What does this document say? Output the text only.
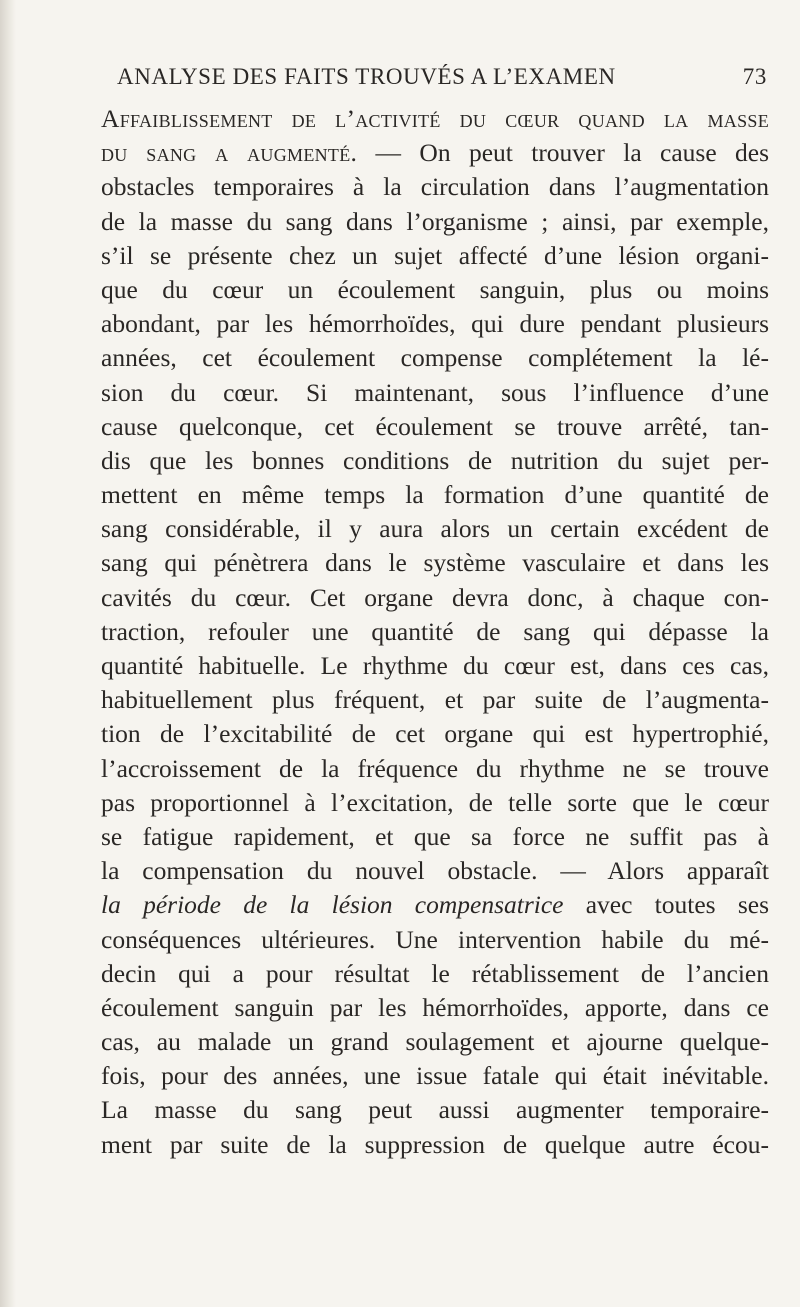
ANALYSE DES FAITS TROUVÉS A L’EXAMEN	73
Affaiblissement de l’activité du cœur quand la masse
du sang a augmenté. — On peut trouver la cause des
obstacles temporaires à la circulation dans l’augmentation
de la masse du sang dans l’organisme ; ainsi, par exemple,
s’il se présente chez un sujet affecté d’une lésion organi-
que du cœur un écoulement sanguin, plus ou moins
abondant, par les hémorrhoïdes, qui dure pendant plusieurs
années, cet écoulement compense complétement la lé-
sion du cœur. Si maintenant, sous l’influence d’une
cause quelconque, cet écoulement se trouve arrêté, tan-
dis que les bonnes conditions de nutrition du sujet per-
mettent en même temps la formation d’une quantité de
sang considérable, il y aura alors un certain excédent de
sang qui pénètrera dans le système vasculaire et dans les
cavités du cœur. Cet organe devra donc, à chaque con-
traction, refouler une quantité de sang qui dépasse la
quantité habituelle. Le rhythme du cœur est, dans ces cas,
habituellement plus fréquent, et par suite de l’augmenta-
tion de l’excitabilité de cet organe qui est hypertrophié,
l’accroissement de la fréquence du rhythme ne se trouve
pas proportionnel à l’excitation, de telle sorte que le cœur
se fatigue rapidement, et que sa force ne suffit pas à
la compensation du nouvel obstacle. — Alors apparaît
la période de la lésion compensatrice avec toutes ses
conséquences ultérieures. Une intervention habile du mé-
decin qui a pour résultat le rétablissement de l’ancien
écoulement sanguin par les hémorrhoïdes, apporte, dans ce
cas, au malade un grand soulagement et ajourne quelque-
fois, pour des années, une issue fatale qui était inévitable.
La masse du sang peut aussi augmenter temporaire-
ment par suite de la suppression de quelque autre écou-
